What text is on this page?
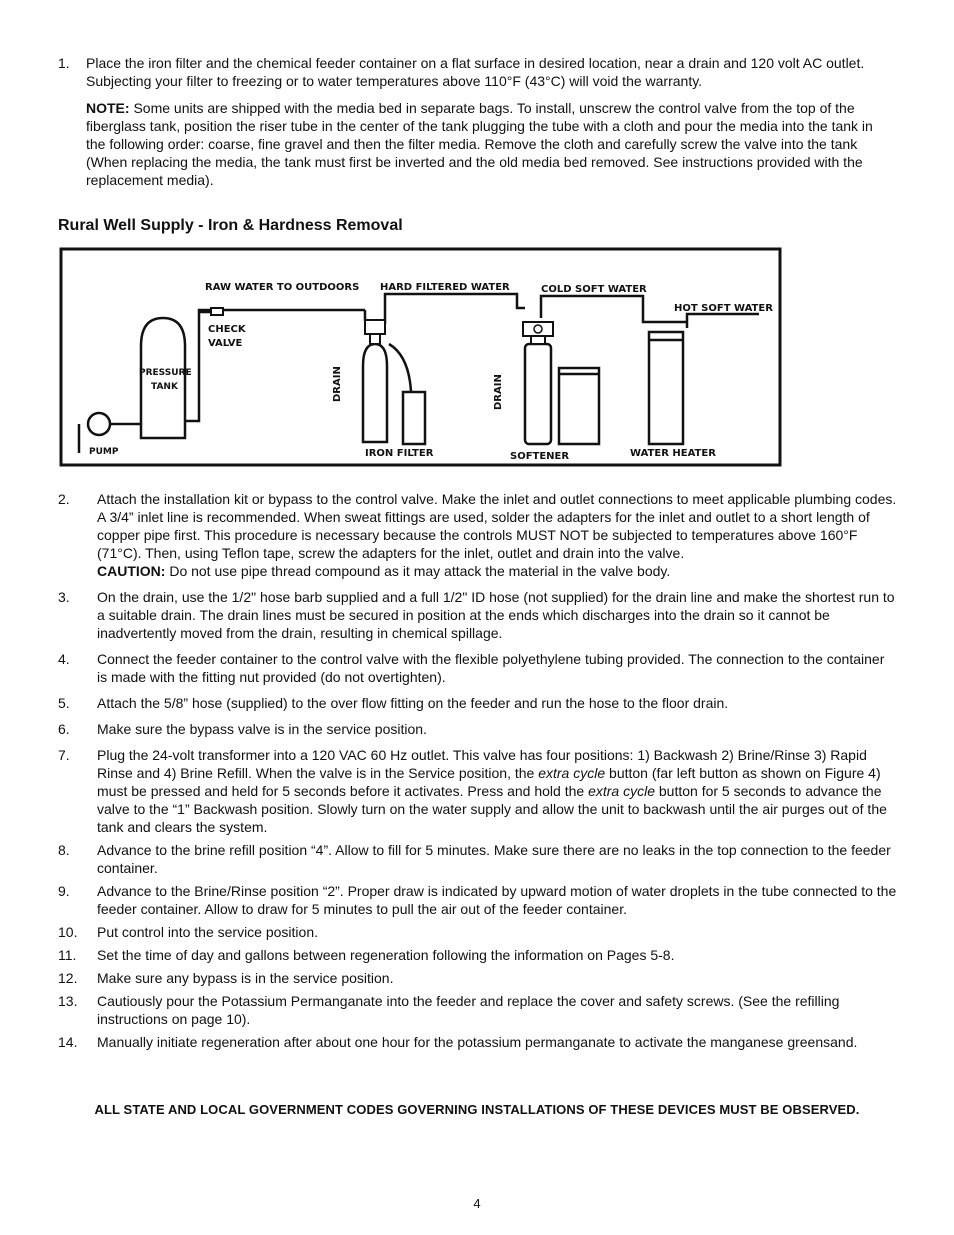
1.	Place the iron filter and the chemical feeder container on a flat surface in desired location, near a drain and 120 volt AC outlet. Subjecting your filter to freezing or to water temperatures above 110°F (43°C) will void the warranty.
NOTE: Some units are shipped with the media bed in separate bags. To install, unscrew the control valve from the top of the fiberglass tank, position the riser tube in the center of the tank plugging the tube with a cloth and pour the media into the tank in the following order: coarse, fine gravel and then the filter media. Remove the cloth and carefully screw the valve into the tank (When replacing the media, the tank must first be inverted and the old media bed removed. See instructions provided with the replacement media).
Rural Well Supply - Iron & Hardness Removal
RAW WATER TO OUTDOORS HARD FILTERED WATER	COLD SOFT WATER
HOT SOFT WATER
CHECK
VALVE
PRESSURE
TANK
PUMP
DRAIN	DRAIN
IRON FILTER	SOFTENER	WATER HEATER
2.	Attach the installation kit or bypass to the control valve. Make the inlet and outlet connections to meet applicable plumbing codes. A 3/4” inlet line is recommended. When sweat fittings are used, solder the adapters for the inlet and outlet to a short length of copper pipe first. This procedure is necessary because the controls MUST NOT be subjected to temperatures above 160°F (71°C). Then, using Teflon tape, screw the adapters for the inlet, outlet and drain into the valve.
CAUTION: Do not use pipe thread compound as it may attack the material in the valve body.
3.	On the drain, use the 1/2" hose barb supplied and a full 1/2" ID hose (not supplied) for the drain line and make the shortest run to a suitable drain. The drain lines must be secured in position at the ends which discharges into the drain so it cannot be inadvertently moved from the drain, resulting in chemical spillage.
4.	Connect the feeder container to the control valve with the flexible polyethylene tubing provided. The connection to the container is made with the fitting nut provided (do not overtighten).
5.	Attach the 5/8” hose (supplied) to the over flow fitting on the feeder and run the hose to the floor drain.
6.	Make sure the bypass valve is in the service position.
7.	Plug the 24-volt transformer into a 120 VAC 60 Hz outlet. This valve has four positions: 1) Backwash 2) Brine/Rinse 3) Rapid Rinse and 4) Brine Refill. When the valve is in the Service position, the extra cycle button (far left button as shown on Figure 4) must be pressed and held for 5 seconds before it activates. Press and hold the extra cycle button for 5 seconds to advance the valve to the “1” Backwash position. Slowly turn on the water supply and allow the unit to backwash until the air purges out of the tank and clears the system.
8.	Advance to the brine refill position “4”. Allow to fill for 5 minutes. Make sure there are no leaks in the top connection to the feeder container.
9.	Advance to the Brine/Rinse position “2”. Proper draw is indicated by upward motion of water droplets in the tube connected to the feeder container. Allow to draw for 5 minutes to pull the air out of the feeder container.
10.	Put control into the service position.
11.	Set the time of day and gallons between regeneration following the information on Pages 5-8.
12.	Make sure any bypass is in the service position.
13.	Cautiously pour the Potassium Permanganate into the feeder and replace the cover and safety screws. (See the refilling instructions on page 10).
14.	Manually initiate regeneration after about one hour for the potassium permanganate to activate the manganese greensand.
ALL STATE AND LOCAL GOVERNMENT CODES GOVERNING INSTALLATIONS OF THESE DEVICES MUST BE OBSERVED.
4
